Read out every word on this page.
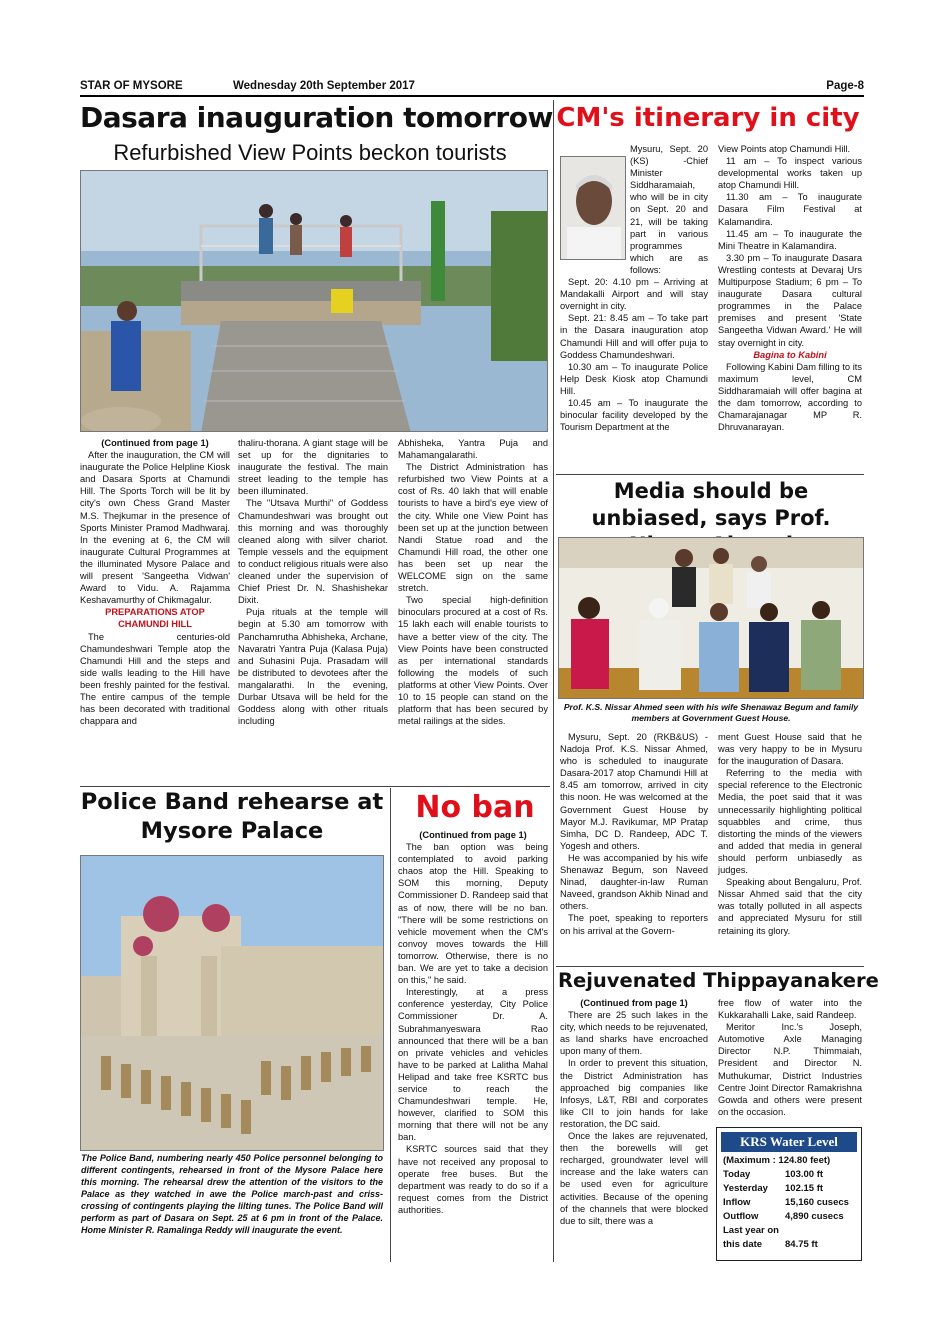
STAR OF MYSORE	Wednesday 20th September 2017	Page-8
Dasara inauguration tomorrow
Refurbished View Points beckon tourists

(Continued from page 1)

After the inauguration, the CM will inaugurate the Police Helpline Kiosk and Dasara Sports at Chamundi Hill. The Sports Torch will be lit by city's own Chess Grand Master M.S. Thejkumar in the presence of Sports Minister Pramod Madhwaraj. In the evening at 6, the CM will inaugurate Cultural Programmes at the illuminated Mysore Palace and will present 'Sangeetha Vidwan' Award to Vidu. A. Rajamma Keshavamurthy of Chikmagalur.

PREPARATIONS ATOP CHAMUNDI HILL

The centuries-old Chamundeshwari Temple atop the Chamundi Hill and the steps and side walls leading to the Hill have been freshly painted for the festival. The entire campus of the temple has been decorated with traditional chappara and

thaliru-thorana. A giant stage will be set up for the dignitaries to inaugurate the festival. The main street leading to the temple has been illuminated.

The "Utsava Murthi" of Goddess Chamundeshwari was brought out this morning and was thoroughly cleaned along with silver chariot. Temple vessels and the equipment to conduct religious rituals were also cleaned under the supervision of Chief Priest Dr. N. Shashishekar Dixit.

Puja rituals at the temple will begin at 5.30 am tomorrow with Panchamrutha Abhisheka, Archane, Navaratri Yantra Puja (Kalasa Puja) and Suhasini Puja. Prasadam will be distributed to devotees after the mangalarathi. In the evening, Durbar Utsava will be held for the Goddess along with other rituals including

Abhisheka, Yantra Puja and Mahamangalarathi.

The District Administration has refurbished two View Points at a cost of Rs. 40 lakh that will enable tourists to have a bird's eye view of the city. While one View Point has been set up at the junction between Nandi Statue road and the Chamundi Hill road, the other one has been set up near the WELCOME sign on the same stretch.

Two special high-definition binoculars procured at a cost of Rs. 15 lakh each will enable tourists to have a better view of the city. The View Points have been constructed as per international standards following the models of such platforms at other View Points. Over 10 to 15 people can stand on the platform that has been secured by metal railings at the sides.

CM's itinerary in city

Mysuru, Sept. 20 (KS) -Chief Minister Siddharamaiah, who will be in city on Sept. 20 and 21, will be taking part in various programmes which are as follows:

Sept. 20: 4.10 pm – Arriving at Mandakalli Airport and will stay overnight in city.

Sept. 21: 8.45 am – To take part in the Dasara inauguration atop Chamundi Hill and will offer puja to Goddess Chamundeshwari.

10.30 am – To inaugurate Police Help Desk Kiosk atop Chamundi Hill.

10.45 am – To inaugurate the binocular facility developed by the Tourism Department at the

View Points atop Chamundi Hill.

11 am – To inspect various developmental works taken up atop Chamundi Hill.

11.30 am – To inaugurate Dasara Film Festival at Kalamandira.

11.45 am – To inaugurate the Mini Theatre in Kalamandira.

3.30 pm – To inaugurate Dasara Wrestling contests at Devaraj Urs Multipurpose Stadium; 6 pm – To inaugurate Dasara cultural programmes in the Palace premises and present 'State Sangeetha Vidwan Award.' He will stay overnight in city.

Bagina to Kabini

Following Kabini Dam filling to its maximum level, CM Siddharamaiah will offer bagina at the dam tomorrow, according to Chamarajanagar MP R. Dhruvanarayan.

Media should be unbiased, says Prof.
Prof. K.S. Nissar Ahmed seen with his wife Shenawaz Begum and family members at Government Guest House.

Mysuru, Sept. 20 (RKB&US) - Nadoja Prof. K.S. Nissar Ahmed, who is scheduled to inaugurate Dasara-2017 atop Chamundi Hill at 8.45 am tomorrow, arrived in city this noon. He was welcomed at the Government Guest House by Mayor M.J. Ravikumar, MP Pratap Simha, DC D. Randeep, ADC T. Yogesh and others.

He was accompanied by his wife Shenawaz Begum, son Naveed Ninad, daughter-in-law Ruman Naveed, grandson Akhib Ninad and others.

The poet, speaking to reporters on his arrival at the Govern-

ment Guest House said that he was very happy to be in Mysuru for the inauguration of Dasara.

Referring to the media with special reference to the Electronic Media, the poet said that it was unnecessarily highlighting political squabbles and crime, thus distorting the minds of the viewers and added that media in general should perform unbiasedly as judges.

Speaking about Bengaluru, Prof. Nissar Ahmed said that the city was totally polluted in all aspects and appreciated Mysuru for still retaining its glory.

Police Band rehearse at Mysore Palace
The Police Band, numbering nearly 450 Police personnel belonging to different contingents, rehearsed in front of the Mysore Palace here this morning. The rehearsal drew the attention of the visitors to the Palace as they watched in awe the Police march-past and criss-crossing of contingents playing the lilting tunes. The Police Band will perform as part of Dasara on Sept. 25 at 6 pm in front of the Palace. Home Minister R. Ramalinga Reddy will inaugurate the event.
No ban

(Continued from page 1)

The ban option was being contemplated to avoid parking chaos atop the Hill. Speaking to SOM this morning, Deputy Commissioner D. Randeep said that as of now, there will be no ban. "There will be some restrictions on vehicle movement when the CM's convoy moves towards the Hill tomorrow. Otherwise, there is no ban. We are yet to take a decision on this," he said.

Interestingly, at a press conference yesterday, City Police Commissioner Dr. A. Subrahmanyeswara Rao announced that there will be a ban on private vehicles and vehicles have to be parked at Lalitha Mahal Helipad and take free KSRTC bus service to reach the Chamundeshwari temple. He, however, clarified to SOM this morning that there will not be any ban.

KSRTC sources said that they have not received any proposal to operate free buses. But the department was ready to do so if a request comes from the District authorities.

Rejuvenated Thippayanakere

(Continued from page 1)

There are 25 such lakes in the city, which needs to be rejuvenated, as land sharks have encroached upon many of them.

In order to prevent this situation, the District Administration has approached big companies like Infosys, L&T, RBI and corporates like CII to join hands for lake restoration, the DC said.

Once the lakes are rejuvenated, then the borewells will get recharged, groundwater level will increase and the lake waters can be used even for agriculture activities. Because of the opening of the channels that were blocked due to silt, there was a

free flow of water into the Kukkarahalli Lake, said Randeep.

Meritor Inc.'s Joseph, Automotive Axle Managing Director N.P. Thimmaiah, President and Director N. Muthukumar, District Industries Centre Joint Director Ramakrishna Gowda and others were present on the occasion.

KRS Water Level
(Maximum : 124.80 feet)
Today	103.00 ft
Yesterday	102.15 ft
Inflow	15,160 cusecs
Outflow	4,890 cusecs
Last year on
this date	84.75 ft
